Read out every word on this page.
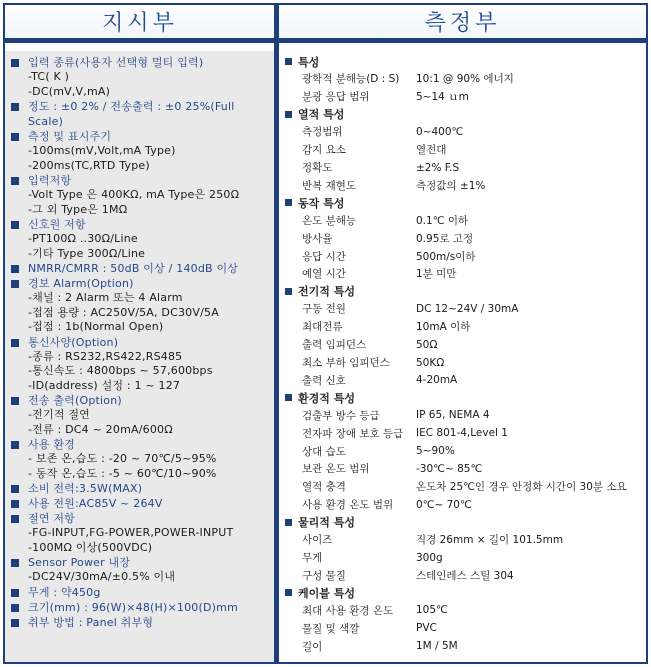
지시부
입력 종류(사용자 선택형 멀티 입력)
-TC( K )
-DC(mV,V,mA)
정도 : ±0 2% / 전송출력 : ±0 25%(Full Scale)
측정 및 표시주기
-100ms(mV,Volt,mA Type)
-200ms(TC,RTD Type)
입력저항
-Volt Type 은 400KΩ, mA Type은 250Ω
-그 외 Type은 1MΩ
신호원 저항
-PT100Ω ..30Ω/Line
-기타 Type 300Ω/Line
NMRR/CMRR : 50dB 이상 / 140dB 이상
경보 Alarm(Option)
-채널 : 2 Alarm 또는 4 Alarm
-접점 용량 : AC250V/5A, DC30V/5A
-접점 : 1b(Normal Open)
통신사양(Option)
-종류 : RS232,RS422,RS485
-통신속도 : 4800bps ~ 57,600bps
-ID(address) 설정 : 1 ~ 127
전송 출력(Option)
-전기적 절연
-전류 : DC4 ~ 20mA/600Ω
사용 환경
- 보존 온,습도 : -20 ~ 70℃/5~95%
- 동작 온,습도 : -5 ~ 60℃/10~90%
소비 전력:3.5W(MAX)
사용 전원:AC85V ~ 264V
절연 저항
-FG-INPUT,FG-POWER,POWER-INPUT
-100MΩ 이상(500VDC)
Sensor Power 내장
-DC24V/30mA/±0.5% 이내
무게 : 약450g
크기(mm) : 96(W)×48(H)×100(D)mm
취부 방법 : Panel 취부형
측정부
특성
광학적 분해능(D : S)	10:1 @ 90% 에너지
분광 응답 범위	5~14 ｕm
열적 특성
측정범위	0~400℃
감지 요소	열전대
정확도	±2% F.S
반복 재현도	측정값의 ±1%
동작 특성
온도 분해능	0.1℃ 이하
방사율	0.95로 고정
응답 시간	500m/s이하
예열 시간	1분 미만
전기적 특성
구동 전원	DC 12~24V / 30mA
최대전류	10mA 이하
출력 임피던스	50Ω
최소 부하 임피던스	50KΩ
출력 신호	4-20mA
환경적 특성
검출부 방수 등급	IP 65, NEMA 4
전자파 장애 보호 등급	IEC 801-4,Level 1
상대 습도	5~90%
보관 온도 범위	-30℃~ 85℃
열적 충격	온도차 25℃인 경우 안정화 시간이 30분 소요
사용 환경 온도 범위	0℃~ 70℃
물리적 특성
사이즈	직경 26mm × 길이 101.5mm
무게	300g
구성 물질	스테인레스 스틸 304
케이블 특성
최대 사용 환경 온도	105℃
물질 및 색깔	PVC
길이	1M / 5M
